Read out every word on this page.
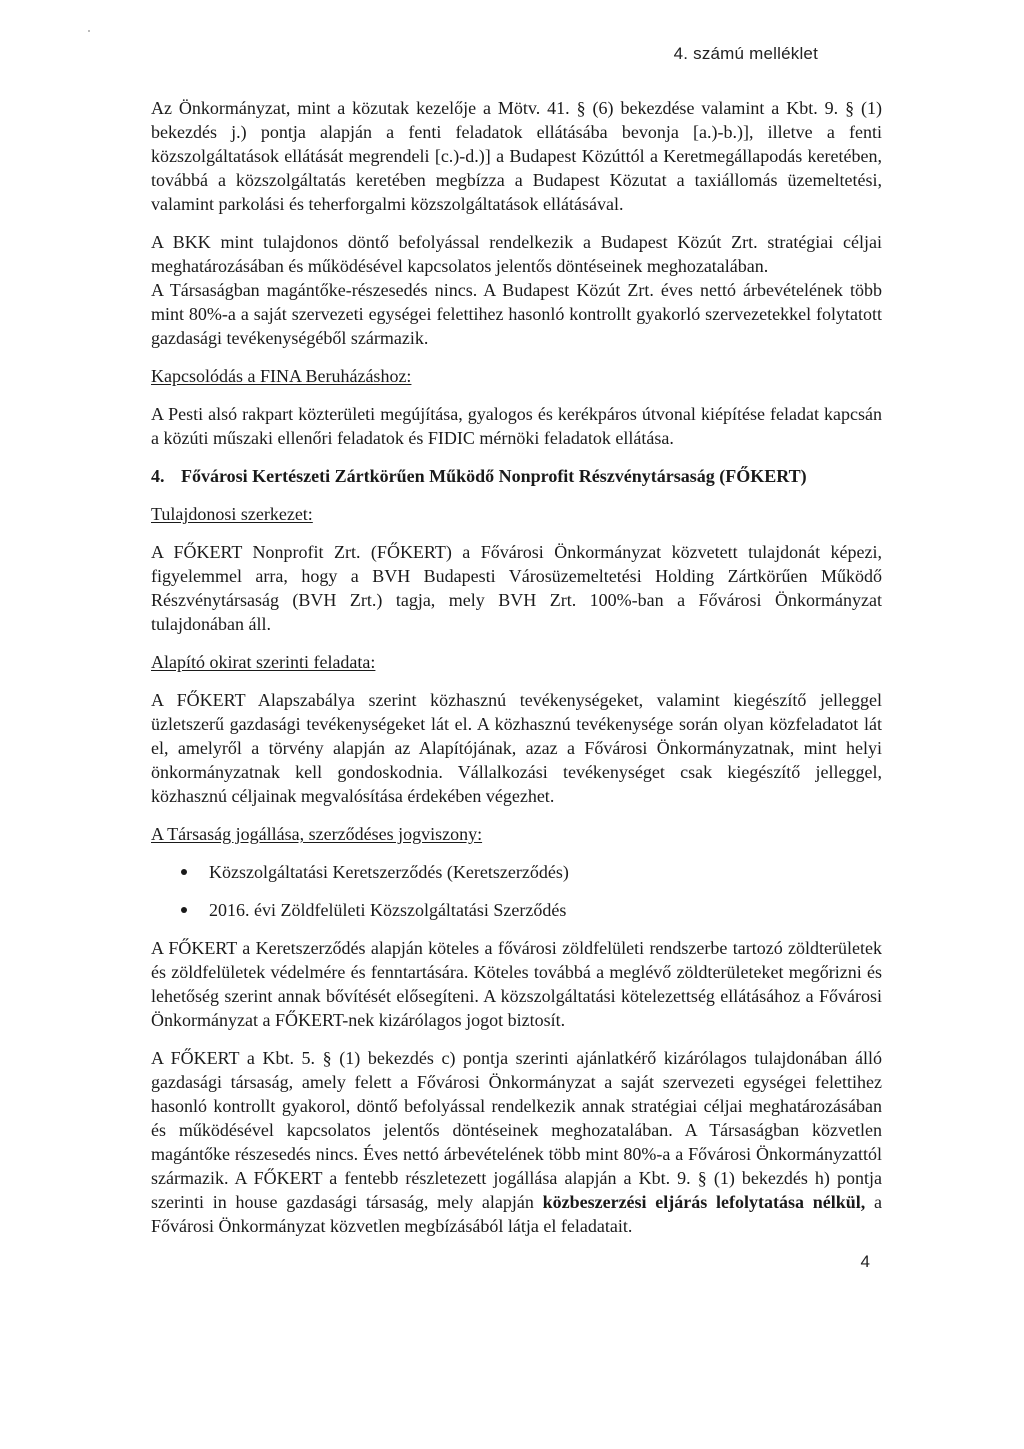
4. számú melléklet

Az Önkormányzat, mint a közutak kezelője a Mötv. 41. § (6) bekezdése valamint a Kbt. 9. § (1) bekezdés j.) pontja alapján a fenti feladatok ellátásába bevonja [a.)-b.)], illetve a fenti közszolgáltatások ellátását megrendeli [c.)-d.)] a Budapest Közúttól a Keretmegállapodás keretében, továbbá a közszolgáltatás keretében megbízza a Budapest Közutat a taxiállomás üzemeltetési, valamint parkolási és teherforgalmi közszolgáltatások ellátásával.

A BKK mint tulajdonos döntő befolyással rendelkezik a Budapest Közút Zrt. stratégiai céljai meghatározásában és működésével kapcsolatos jelentős döntéseinek meghozatalában.

A Társaságban magántőke-részesedés nincs. A Budapest Közút Zrt. éves nettó árbevételének több mint 80%-a a saját szervezeti egységei felettihez hasonló kontrollt gyakorló szervezetekkel folytatott gazdasági tevékenységéből származik.

Kapcsolódás a FINA Beruházáshoz:

A Pesti alsó rakpart közterületi megújítása, gyalogos és kerékpáros útvonal kiépítése feladat kapcsán a közúti műszaki ellenőri feladatok és FIDIC mérnöki feladatok ellátása.

4. Fővárosi Kertészeti Zártkörűen Működő Nonprofit Részvénytársaság (FŐKERT)
Tulajdonosi szerkezet:

A FŐKERT Nonprofit Zrt. (FŐKERT) a Fővárosi Önkormányzat közvetett tulajdonát képezi, figyelemmel arra, hogy a BVH Budapesti Városüzemeltetési Holding Zártkörűen Működő Részvénytársaság (BVH Zrt.) tagja, mely BVH Zrt. 100%-ban a Fővárosi Önkormányzat tulajdonában áll.

Alapító okirat szerinti feladata:

A FŐKERT Alapszabálya szerint közhasznú tevékenységeket, valamint kiegészítő jelleggel üzletszerű gazdasági tevékenységeket lát el. A közhasznú tevékenysége során olyan közfeladatot lát el, amelyről a törvény alapján az Alapítójának, azaz a Fővárosi Önkormányzatnak, mint helyi önkormányzatnak kell gondoskodnia. Vállalkozási tevékenységet csak kiegészítő jelleggel, közhasznú céljainak megvalósítása érdekében végezhet.

A Társaság jogállása, szerződéses jogviszony:
Közszolgáltatási Keretszerződés (Keretszerződés)
2016. évi Zöldfelületi Közszolgáltatási Szerződés

A FŐKERT a Keretszerződés alapján köteles a fővárosi zöldfelületi rendszerbe tartozó zöldterületek és zöldfelületek védelmére és fenntartására. Köteles továbbá a meglévő zöldterületeket megőrizni és lehetőség szerint annak bővítését elősegíteni. A közszolgáltatási kötelezettség ellátásához a Fővárosi Önkormányzat a FŐKERT-nek kizárólagos jogot biztosít.

A FŐKERT a Kbt. 5. § (1) bekezdés c) pontja szerinti ajánlatkérő kizárólagos tulajdonában álló gazdasági társaság, amely felett a Fővárosi Önkormányzat a saját szervezeti egységei felettihez hasonló kontrollt gyakorol, döntő befolyással rendelkezik annak stratégiai céljai meghatározásában és működésével kapcsolatos jelentős döntéseinek meghozatalában. A Társaságban közvetlen magántőke részesedés nincs. Éves nettó árbevételének több mint 80%-a a Fővárosi Önkormányzattól származik. A FŐKERT a fentebb részletezett jogállása alapján a Kbt. 9. § (1) bekezdés h) pontja szerinti in house gazdasági társaság, mely alapján közbeszerzési eljárás lefolytatása nélkül, a Fővárosi Önkormányzat közvetlen megbízásából látja el feladatait.

4
